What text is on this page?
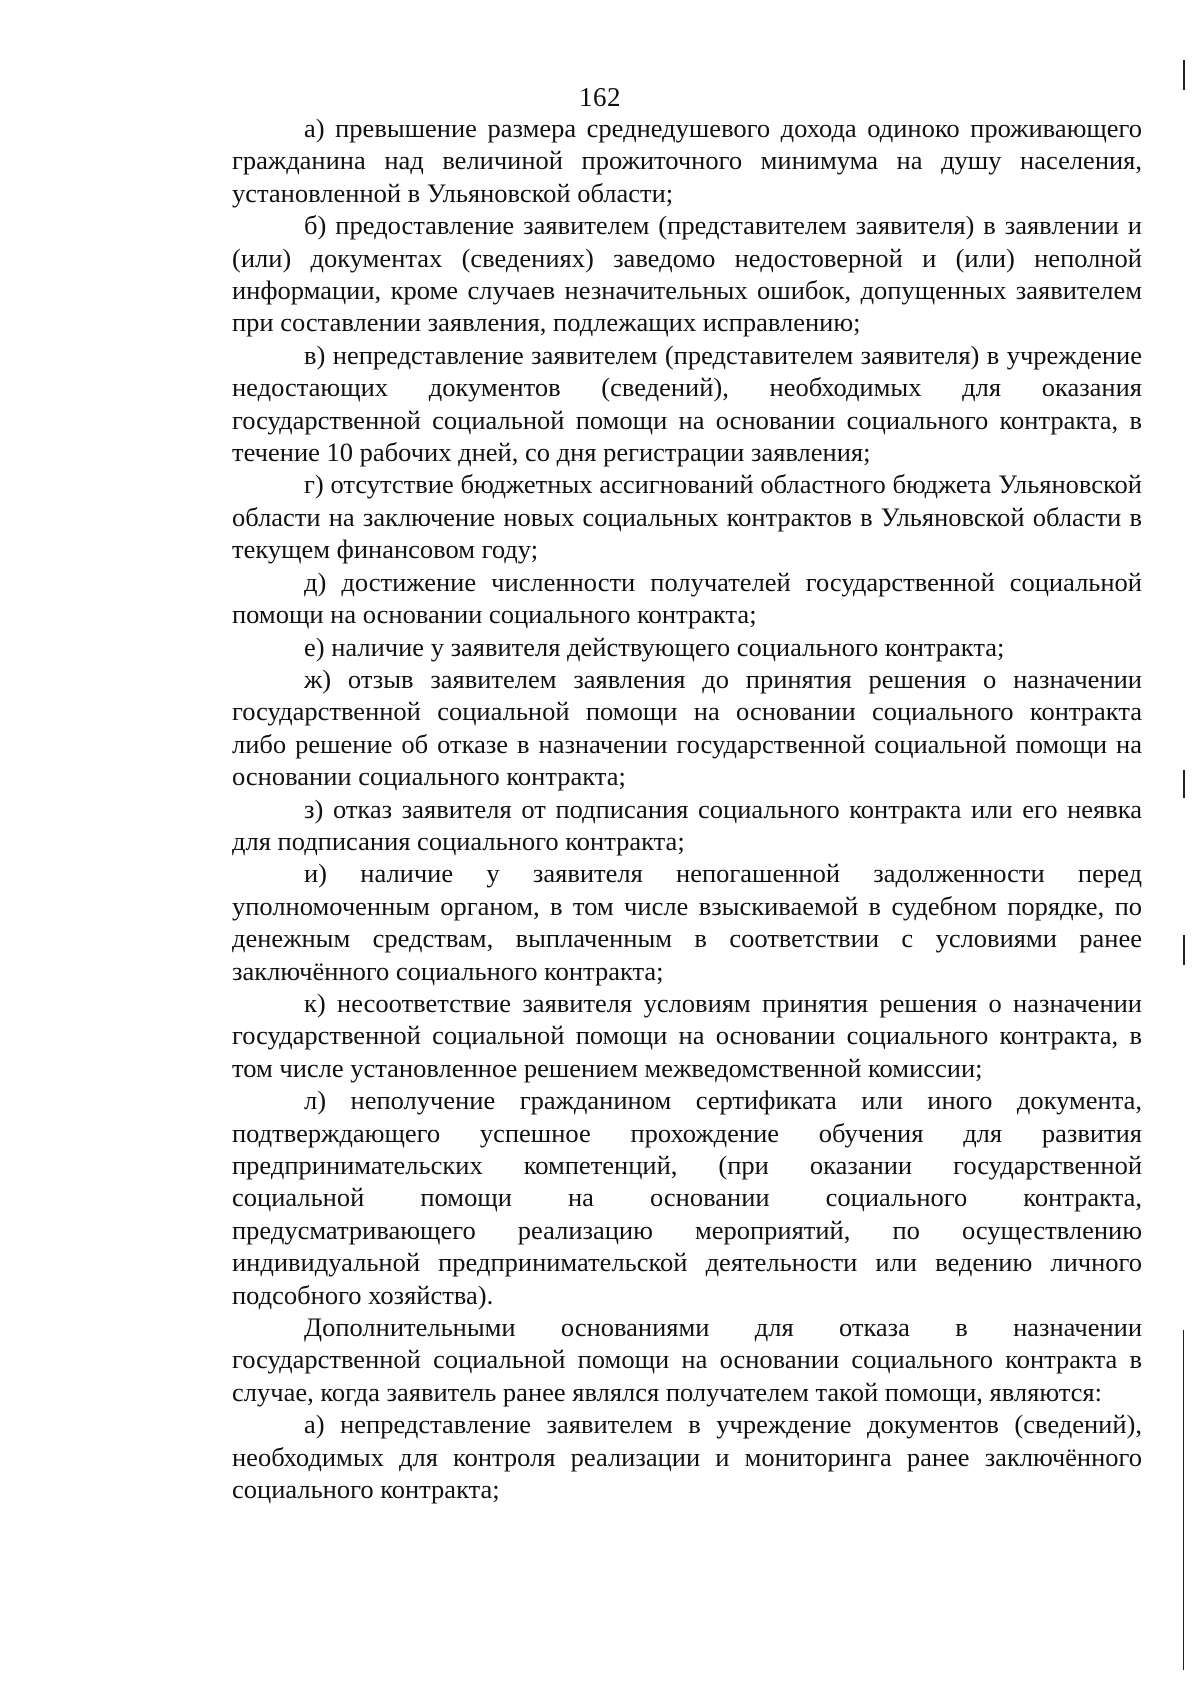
162

а) превышение размера среднедушевого дохода одиноко проживающего гражданина над величиной прожиточного минимума на душу населения, установленной в Ульяновской области;

б) предоставление заявителем (представителем заявителя) в заявлении и (или) документах (сведениях) заведомо недостоверной и (или) неполной информации, кроме случаев незначительных ошибок, допущенных заявителем при составлении заявления, подлежащих исправлению;

в) непредставление заявителем (представителем заявителя) в учреждение недостающих документов (сведений), необходимых для оказания государственной социальной помощи на основании социального контракта, в течение 10 рабочих дней, со дня регистрации заявления;

г) отсутствие бюджетных ассигнований областного бюджета Ульяновской области на заключение новых социальных контрактов в Ульяновской области в текущем финансовом году;

д) достижение численности получателей государственной социальной помощи на основании социального контракта;

е) наличие у заявителя действующего социального контракта;

ж) отзыв заявителем заявления до принятия решения о назначении государственной социальной помощи на основании социального контракта либо решение об отказе в назначении государственной социальной помощи на основании социального контракта;

з) отказ заявителя от подписания социального контракта или его неявка для подписания социального контракта;

и) наличие у заявителя непогашенной задолженности перед уполномоченным органом, в том числе взыскиваемой в судебном порядке, по денежным средствам, выплаченным в соответствии с условиями ранее заключённого социального контракта;

к) несоответствие заявителя условиям принятия решения о назначении государственной социальной помощи на основании социального контракта, в том числе установленное решением межведомственной комиссии;

л) неполучение гражданином сертификата или иного документа, подтверждающего успешное прохождение обучения для развития предпринимательских компетенций, (при оказании государственной социальной помощи на основании социального контракта, предусматривающего реализацию мероприятий, по осуществлению индивидуальной предпринимательской деятельности или ведению личного подсобного хозяйства).

Дополнительными основаниями для отказа в назначении государственной социальной помощи на основании социального контракта в случае, когда заявитель ранее являлся получателем такой помощи, являются:

а) непредставление заявителем в учреждение документов (сведений), необходимых для контроля реализации и мониторинга ранее заключённого социального контракта;
